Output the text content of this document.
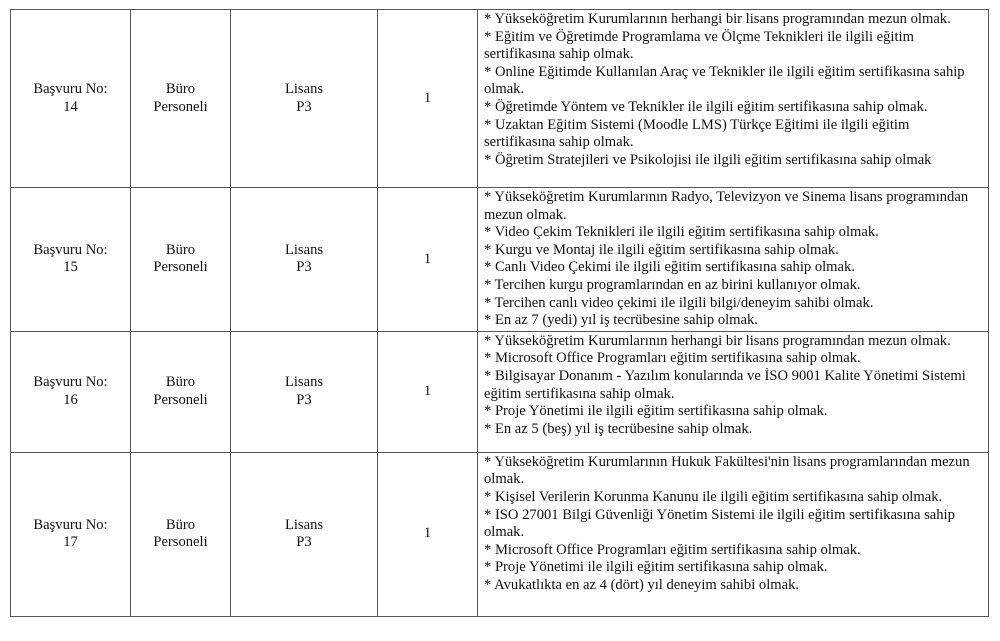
Başvuru No:
14

Büro
Personeli

Lisans
P3

1

* Yükseköğretim Kurumlarının herhangi bir lisans programından mezun olmak.
* Eğitim ve Öğretimde Programlama ve Ölçme Teknikleri ile ilgili eğitim sertifikasına sahip olmak.
* Online Eğitimde Kullanılan Araç ve Teknikler ile ilgili eğitim sertifikasına sahip olmak.
* Öğretimde Yöntem ve Teknikler ile ilgili eğitim sertifikasına sahip olmak.
* Uzaktan Eğitim Sistemi (Moodle LMS) Türkçe Eğitimi ile ilgili eğitim sertifikasına sahip olmak.
* Öğretim Stratejileri ve Psikolojisi ile ilgili eğitim sertifikasına sahip olmak

Başvuru No:
15

Büro
Personeli

Lisans
P3

1

* Yükseköğretim Kurumlarının Radyo, Televizyon ve Sinema lisans programından mezun olmak.
* Video Çekim Teknikleri ile ilgili eğitim sertifikasına sahip olmak.
* Kurgu ve Montaj ile ilgili eğitim sertifikasına sahip olmak.
* Canlı Video Çekimi ile ilgili eğitim sertifikasına sahip olmak.
* Tercihen kurgu programlarından en az birini kullanıyor olmak.
* Tercihen canlı video çekimi ile ilgili bilgi/deneyim sahibi olmak.
* En az 7 (yedi) yıl iş tecrübesine sahip olmak.

Başvuru No:
16

Büro
Personeli

Lisans
P3

1

* Yükseköğretim Kurumlarının herhangi bir lisans programından mezun olmak.
* Microsoft Office Programları eğitim sertifikasına sahip olmak.
* Bilgisayar Donanım - Yazılım konularında ve İSO 9001 Kalite Yönetimi Sistemi eğitim sertifikasına sahip olmak.
* Proje Yönetimi ile ilgili eğitim sertifikasına sahip olmak.
* En az 5 (beş) yıl iş tecrübesine sahip olmak.

Başvuru No:
17

Büro
Personeli

Lisans
P3

1

* Yükseköğretim Kurumlarının Hukuk Fakültesi'nin lisans programlarından mezun olmak.
* Kişisel Verilerin Korunma Kanunu ile ilgili eğitim sertifikasına sahip olmak.
* ISO 27001 Bilgi Güvenliği Yönetim Sistemi ile ilgili eğitim sertifikasına sahip olmak.
* Microsoft Office Programları eğitim sertifikasına sahip olmak.
* Proje Yönetimi ile ilgili eğitim sertifikasına sahip olmak.
* Avukatlıkta en az 4 (dört) yıl deneyim sahibi olmak.
